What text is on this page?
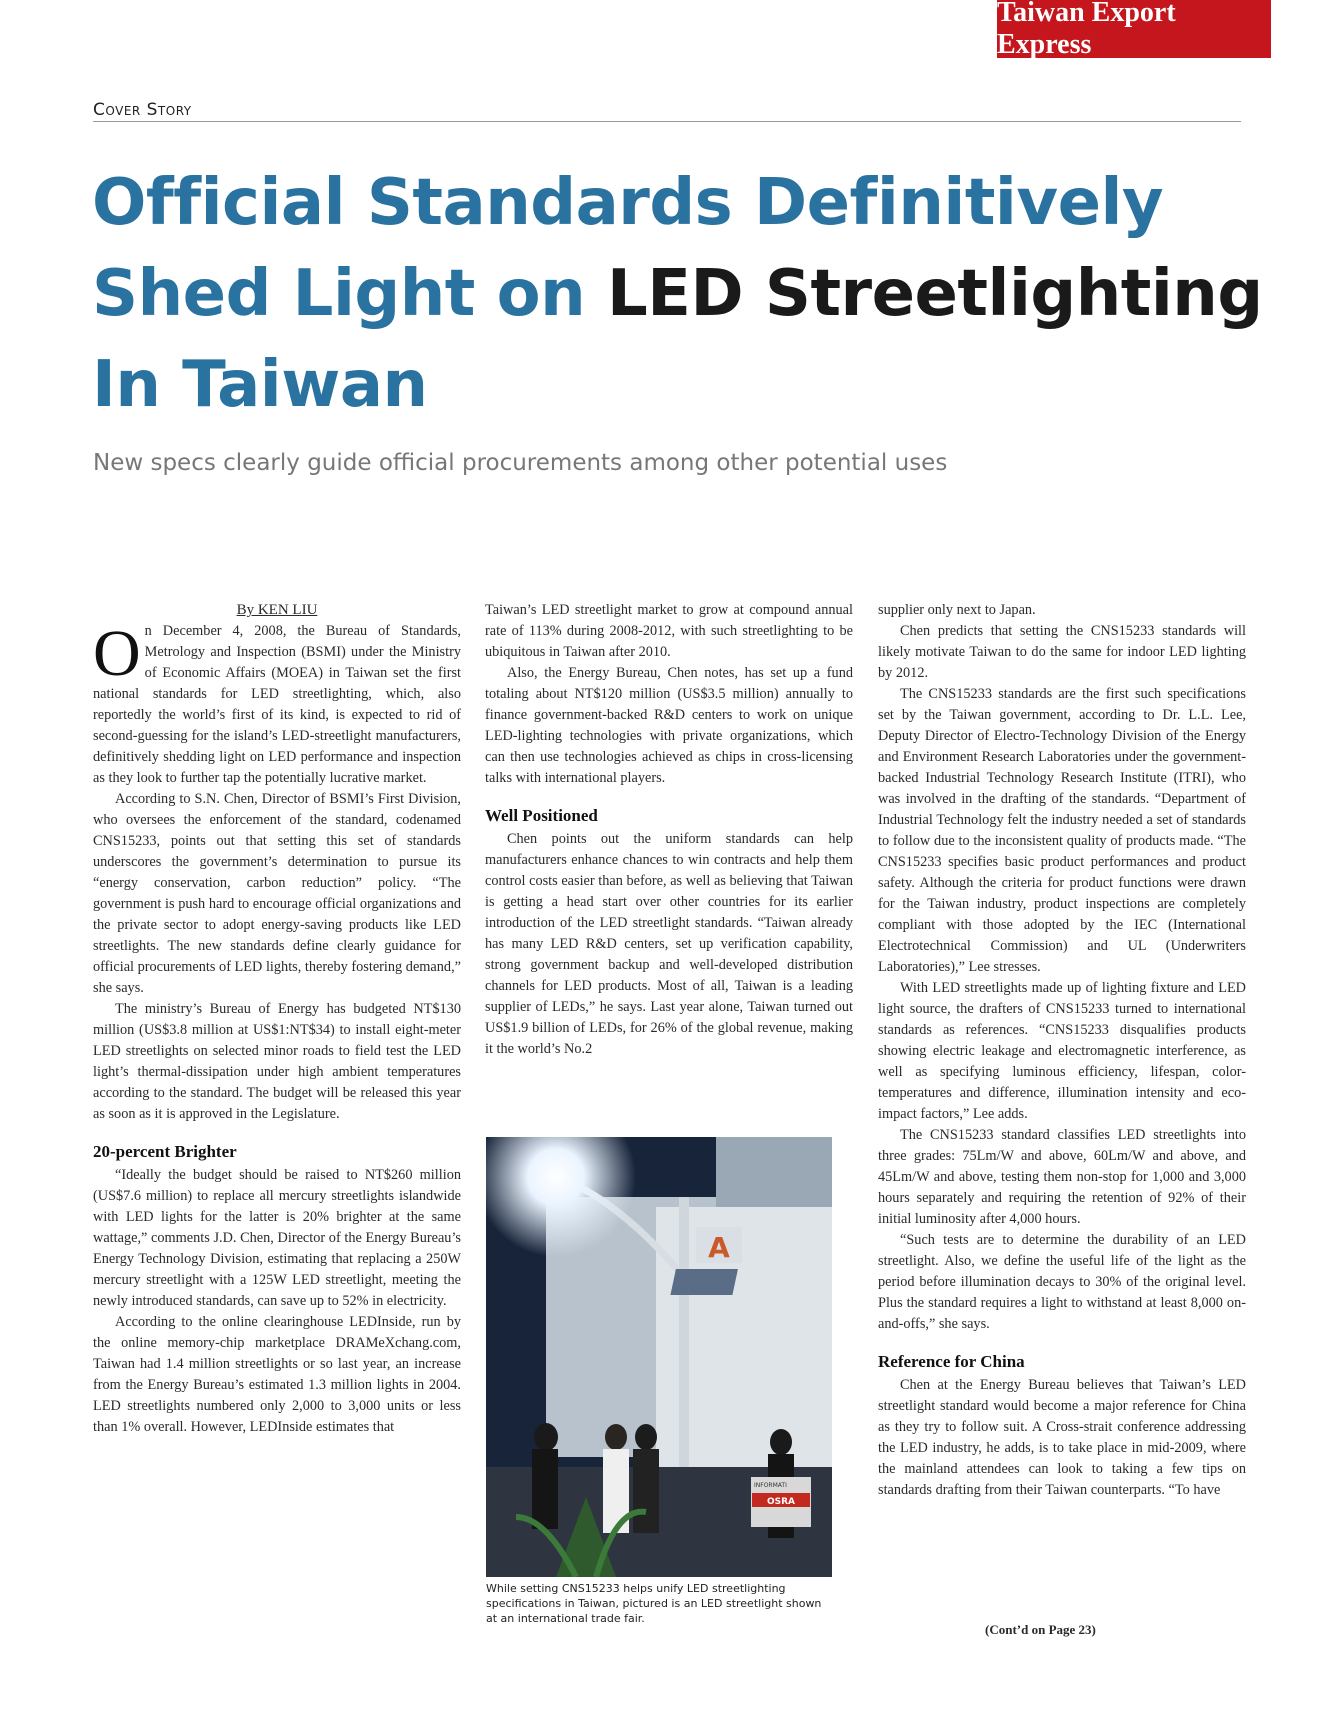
Taiwan Export Express
Cover Story
Official Standards Definitively Shed Light on LED Streetlighting In Taiwan
New specs clearly guide official procurements among other potential uses

By KEN LIU

On December 4, 2008, the Bureau of Standards, Metrology and Inspection (BSMI) under the Ministry of Economic Affairs (MOEA) in Taiwan set the first national standards for LED streetlighting, which, also reportedly the world’s first of its kind, is expected to rid of second-guessing for the island’s LED-streetlight manufacturers, definitively shedding light on LED performance and inspection as they look to further tap the potentially lucrative market.

According to S.N. Chen, Director of BSMI’s First Division, who oversees the enforcement of the standard, codenamed CNS15233, points out that setting this set of standards underscores the government’s determination to pursue its “energy conservation, carbon reduction” policy. “The government is push hard to encourage official organizations and the private sector to adopt energy-saving products like LED streetlights. The new standards define clearly guidance for official procurements of LED lights, thereby fostering demand,” she says.

The ministry’s Bureau of Energy has budgeted NT$130 million (US$3.8 million at US$1:NT$34) to install eight-meter LED streetlights on selected minor roads to field test the LED light’s thermal-dissipation under high ambient temperatures according to the standard. The budget will be released this year as soon as it is approved in the Legislature.

20-percent Brighter

“Ideally the budget should be raised to NT$260 million (US$7.6 million) to replace all mercury streetlights islandwide with LED lights for the latter is 20% brighter at the same wattage,” comments J.D. Chen, Director of the Energy Bureau’s Energy Technology Division, estimating that replacing a 250W mercury streetlight with a 125W LED streetlight, meeting the newly introduced standards, can save up to 52% in electricity.

According to the online clearinghouse LEDInside, run by the online memory-chip marketplace DRAMeXchang.com, Taiwan had 1.4 million streetlights or so last year, an increase from the Energy Bureau’s estimated 1.3 million lights in 2004. LED streetlights numbered only 2,000 to 3,000 units or less than 1% overall. However, LEDInside estimates that

Taiwan’s LED streetlight market to grow at compound annual rate of 113% during 2008-2012, with such streetlighting to be ubiquitous in Taiwan after 2010.

Also, the Energy Bureau, Chen notes, has set up a fund totaling about NT$120 million (US$3.5 million) annually to finance government-backed R&D centers to work on unique LED-lighting technologies with private organizations, which can then use technologies achieved as chips in cross-licensing talks with international players.

Well Positioned

Chen points out the uniform standards can help manufacturers enhance chances to win contracts and help them control costs easier than before, as well as believing that Taiwan is getting a head start over other countries for its earlier introduction of the LED streetlight standards. “Taiwan already has many LED R&D centers, set up verification capability, strong government backup and well-developed distribution channels for LED products. Most of all, Taiwan is a leading supplier of LEDs,” he says. Last year alone, Taiwan turned out US$1.9 billion of LEDs, for 26% of the global revenue, making it the world’s No.2

A
INFORMATI
OSRA
While setting CNS15233 helps unify LED streetlighting specifications in Taiwan, pictured is an LED streetlight shown at an international trade fair.

supplier only next to Japan.

Chen predicts that setting the CNS15233 standards will likely motivate Taiwan to do the same for indoor LED lighting by 2012.

The CNS15233 standards are the first such specifications set by the Taiwan government, according to Dr. L.L. Lee, Deputy Director of Electro-Technology Division of the Energy and Environment Research Laboratories under the government-backed Industrial Technology Research Institute (ITRI), who was involved in the drafting of the standards. “Department of Industrial Technology felt the industry needed a set of standards to follow due to the inconsistent quality of products made. “The CNS15233 specifies basic product performances and product safety. Although the criteria for product functions were drawn for the Taiwan industry, product inspections are completely compliant with those adopted by the IEC (International Electrotechnical Commission) and UL (Underwriters Laboratories),” Lee stresses.

With LED streetlights made up of lighting fixture and LED light source, the drafters of CNS15233 turned to international standards as references. “CNS15233 disqualifies products showing electric leakage and electromagnetic interference, as well as specifying luminous efficiency, lifespan, color-temperatures and difference, illumination intensity and eco-impact factors,” Lee adds.

The CNS15233 standard classifies LED streetlights into three grades: 75Lm/W and above, 60Lm/W and above, and 45Lm/W and above, testing them non-stop for 1,000 and 3,000 hours separately and requiring the retention of 92% of their initial luminosity after 4,000 hours.

“Such tests are to determine the durability of an LED streetlight. Also, we define the useful life of the light as the period before illumination decays to 30% of the original level. Plus the standard requires a light to withstand at least 8,000 on-and-offs,” she says.

Reference for China

Chen at the Energy Bureau believes that Taiwan’s LED streetlight standard would become a major reference for China as they try to follow suit. A Cross-strait conference addressing the LED industry, he adds, is to take place in mid-2009, where the mainland attendees can look to taking a few tips on standards drafting from their Taiwan counterparts. “To have

(Cont’d on Page 23)
